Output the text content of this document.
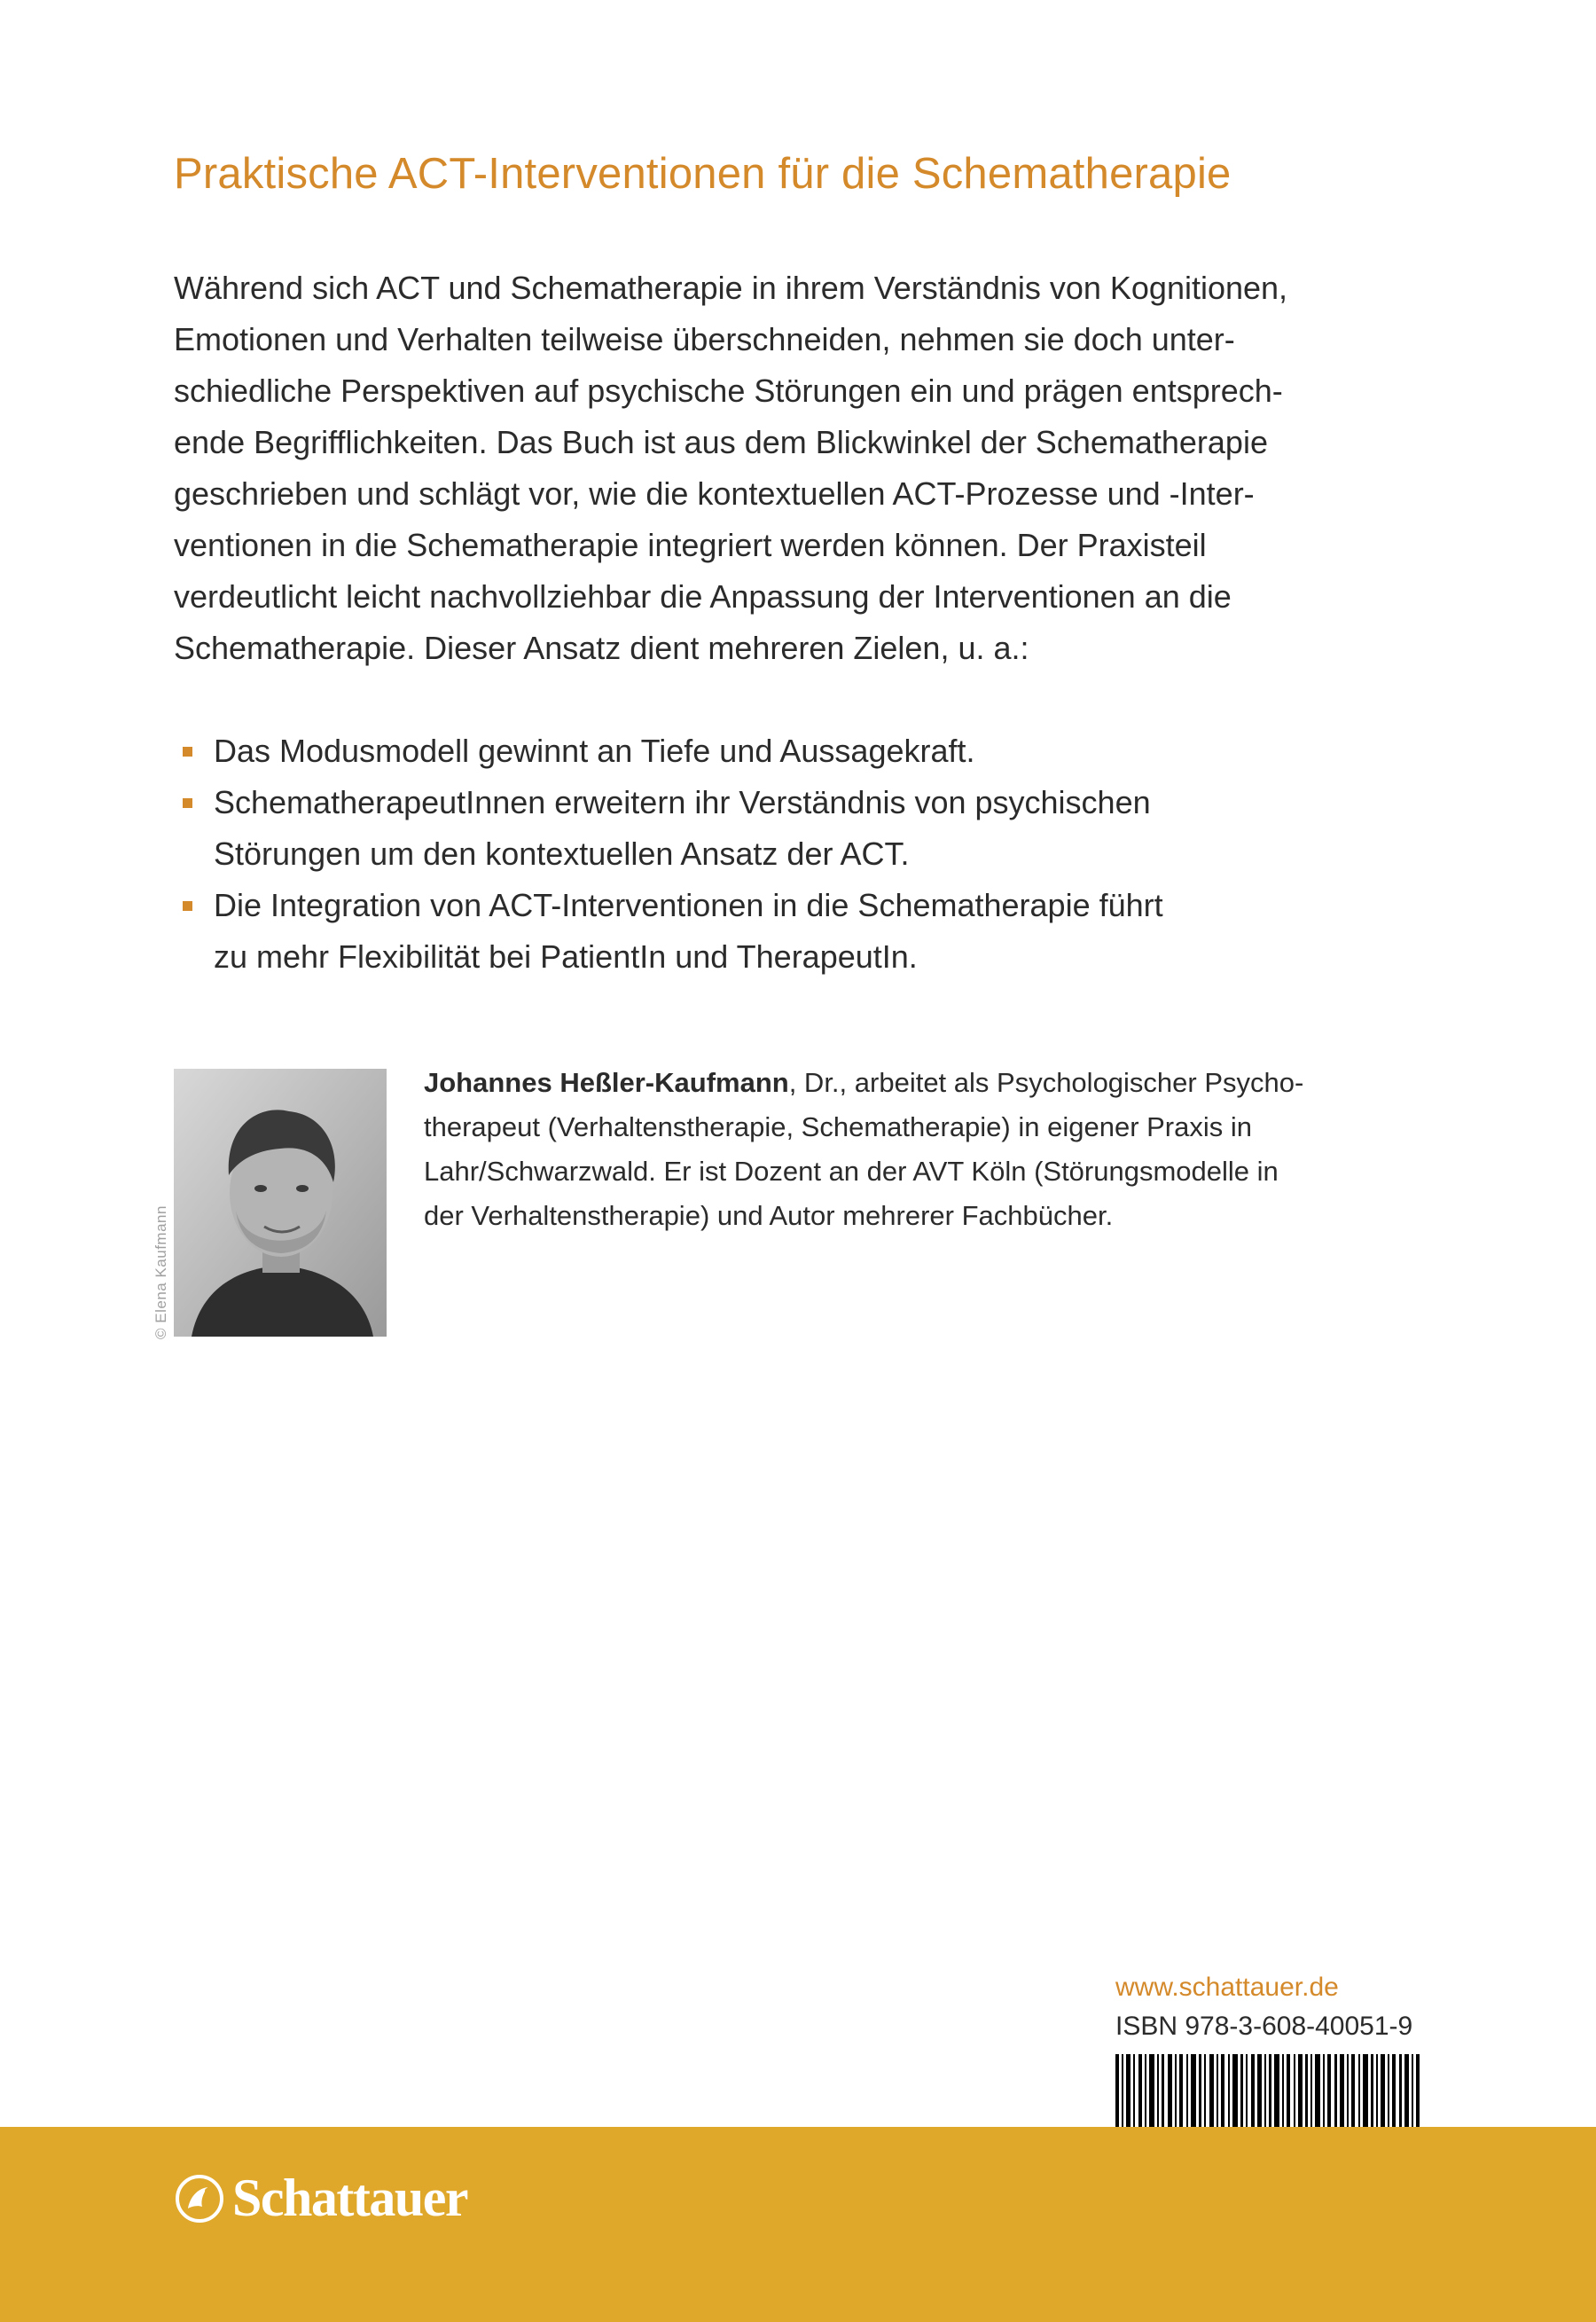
Praktische ACT-Interventionen für die Schematherapie

Während sich ACT und Schematherapie in ihrem Verständnis von Kognitionen,
Emotionen und Verhalten teilweise überschneiden, nehmen sie doch unter-
schiedliche Perspektiven auf psychische Störungen ein und prägen entsprech-
ende Begrifflichkeiten. Das Buch ist aus dem Blickwinkel der Schematherapie
geschrieben und schlägt vor, wie die kontextuellen ACT-Prozesse und -Inter-
ventionen in die Schematherapie integriert werden können. Der Praxisteil
verdeutlicht leicht nachvollziehbar die Anpassung der Interventionen an die
Schematherapie. Dieser Ansatz dient mehreren Zielen, u. a.:

Das Modusmodell gewinnt an Tiefe und Aussagekraft.
SchematherapeutInnen erweitern ihr Verständnis von psychischen
Störungen um den kontextuellen Ansatz der ACT.
Die Integration von ACT-Interventionen in die Schematherapie führt
zu mehr Flexibilität bei PatientIn und TherapeutIn.
© Elena Kaufmann
Johannes Heßler-Kaufmann, Dr., arbeitet als Psychologischer Psycho-
therapeut (Verhaltenstherapie, Schematherapie) in eigener Praxis in
Lahr/Schwarzwald. Er ist Dozent an der AVT Köln (Störungsmodelle in
der Verhaltenstherapie) und Autor mehrerer Fachbücher.
www.schattauer.de
ISBN 978-3-608-40051-9
Schattauer
